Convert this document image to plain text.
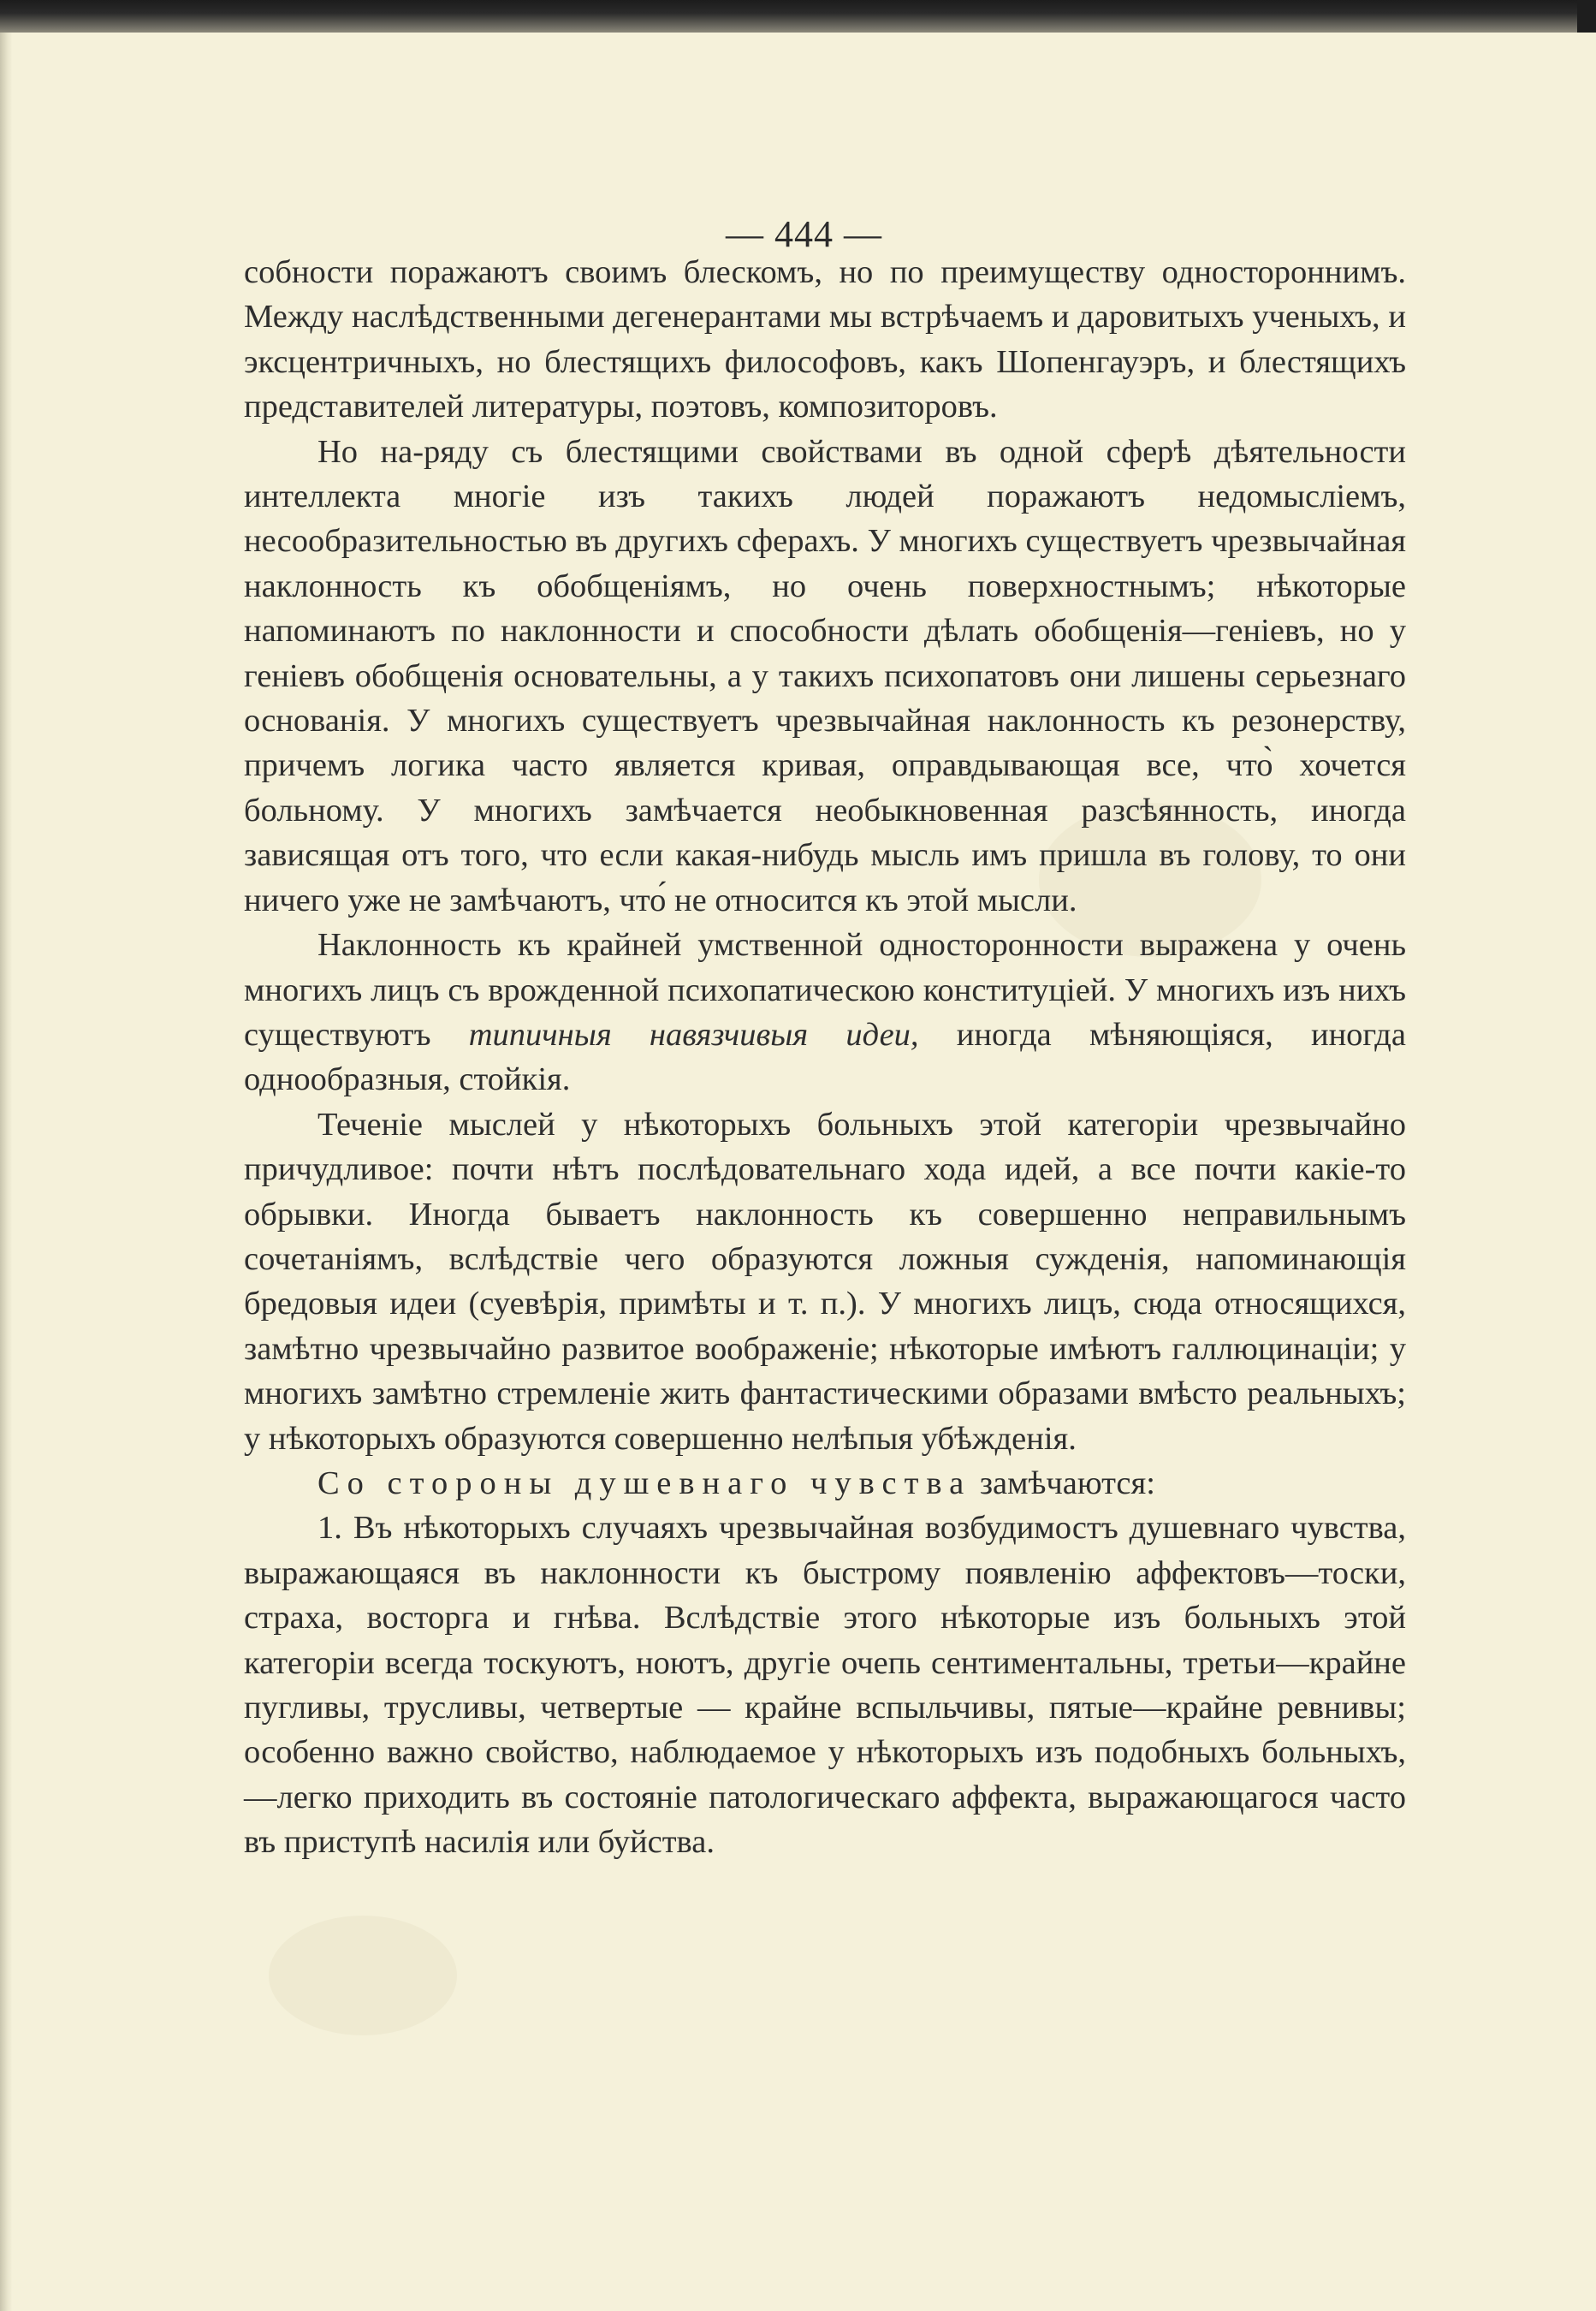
— 444 —

собности поражаютъ своимъ блескомъ, но по преимуществу одностороннимъ. Между наслѣдственными дегенерантами мы встрѣчаемъ и даровитыхъ ученыхъ, и эксцентричныхъ, но блестящихъ философовъ, какъ Шопенгауэръ, и блестящихъ представителей литературы, поэтовъ, композиторовъ.

Но на-ряду съ блестящими свойствами въ одной сферѣ дѣятельности интеллекта многіе изъ такихъ людей поражаютъ недомысліемъ, несообразительностью въ другихъ сферахъ. У многихъ существуетъ чрезвычайная наклонность къ обобщеніямъ, но очень поверхностнымъ; нѣкоторые напоминаютъ по наклонности и способности дѣлать обобщенія—геніевъ, но у геніевъ обобщенія основательны, а у такихъ психопатовъ они лишены серьезнаго основанія. У многихъ существуетъ чрезвычайная наклонность къ резонерству, причемъ логика часто является кривая, оправдывающая все, что̀ хочется больному. У многихъ замѣчается необыкновенная разсѣянность, иногда зависящая отъ того, что если какая-нибудь мысль имъ пришла въ голову, то они ничего уже не замѣчаютъ, что́ не относится къ этой мысли.

Наклонность къ крайней умственной односторонности выражена у очень многихъ лицъ съ врожденной психопатическою конституціей. У многихъ изъ нихъ существуютъ типичныя навязчивыя идеи, иногда мѣняющіяся, иногда однообразныя, стойкія.

Теченіе мыслей у нѣкоторыхъ больныхъ этой категоріи чрезвычайно причудливое: почти нѣтъ послѣдовательнаго хода идей, а все почти какіе-то обрывки. Иногда бываетъ наклонность къ совершенно неправильнымъ сочетаніямъ, вслѣдствіе чего образуются ложныя сужденія, напоминающія бредовыя идеи (суевѣрія, примѣты и т. п.). У многихъ лицъ, сюда относящихся, замѣтно чрезвычайно развитое воображеніе; нѣкоторые имѣютъ галлюцинаціи; у многихъ замѣтно стремленіе жить фантастическими образами вмѣсто реальныхъ; у нѣкоторыхъ образуются совершенно нелѣпыя убѣжденія.

Со стороны душевнаго чувства замѣчаются:

1. Въ нѣкоторыхъ случаяхъ чрезвычайная возбудимостъ душевнаго чувства, выражающаяся въ наклонности къ быстрому появленію аффектовъ—тоски, страха, восторга и гнѣва. Вслѣдствіе этого нѣкоторые изъ больныхъ этой категоріи всегда тоскуютъ, ноютъ, другіе очепь сентиментальны, третьи—крайне пугливы, трусливы, четвертые — крайне вспыльчивы, пятые—крайне ревнивы; особенно важно свойство, наблюдаемое у нѣкоторыхъ изъ подобныхъ больныхъ,—легко приходить въ состояніе патологическаго аффекта, выражающагося часто въ приступѣ насилія или буйства.
